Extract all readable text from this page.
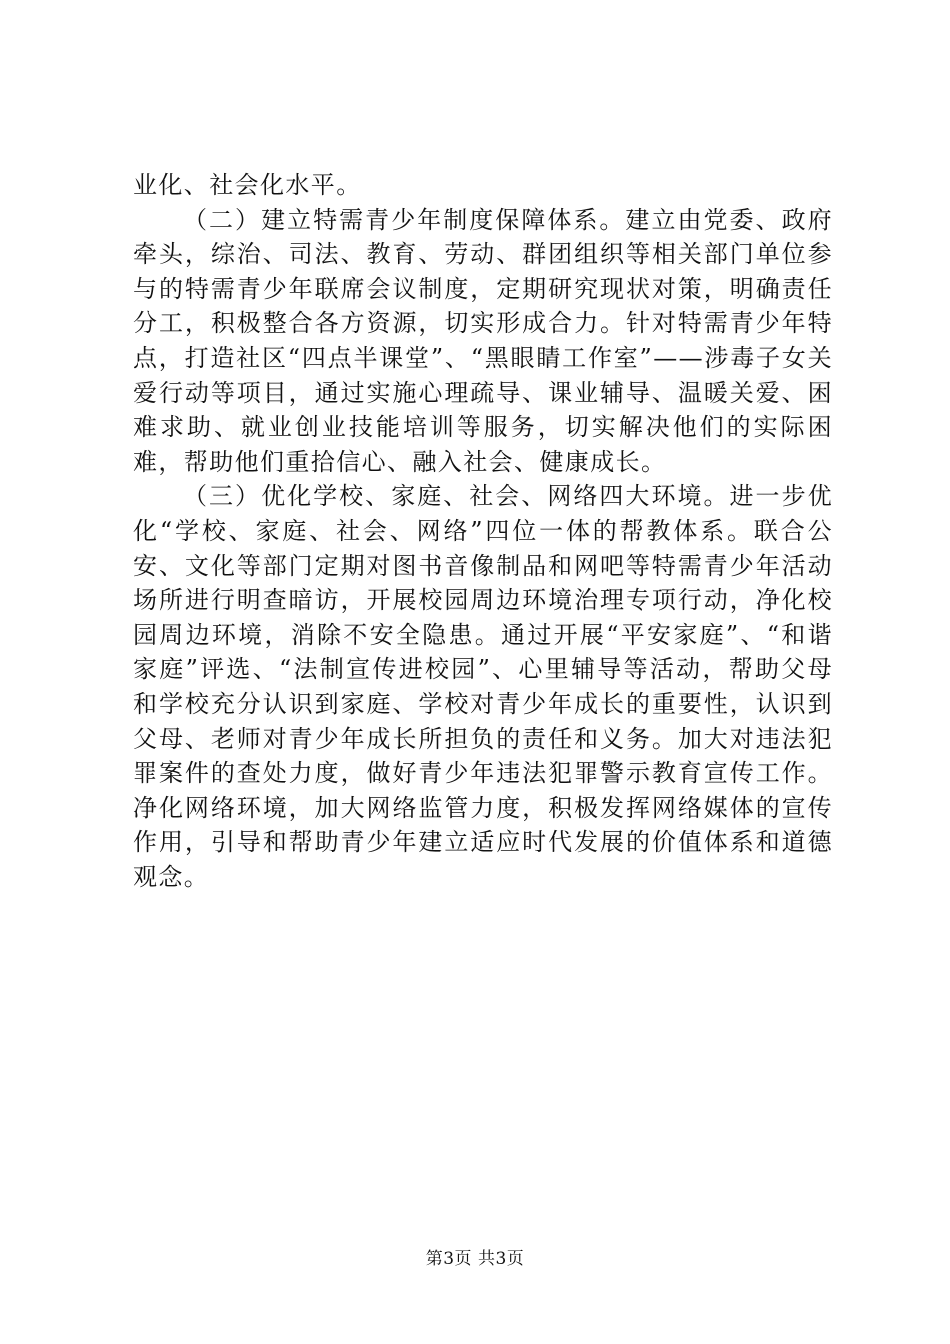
业化、社会化水平。

（二）建立特需青少年制度保障体系。建立由党委、政府牵头，综治、司法、教育、劳动、群团组织等相关部门单位参与的特需青少年联席会议制度，定期研究现状对策，明确责任分工，积极整合各方资源，切实形成合力。针对特需青少年特点，打造社区“四点半课堂”、“黑眼睛工作室”——涉毒子女关爱行动等项目，通过实施心理疏导、课业辅导、温暖关爱、困难求助、就业创业技能培训等服务，切实解决他们的实际困难，帮助他们重拾信心、融入社会、健康成长。

（三）优化学校、家庭、社会、网络四大环境。进一步优化“学校、家庭、社会、网络”四位一体的帮教体系。联合公安、文化等部门定期对图书音像制品和网吧等特需青少年活动场所进行明查暗访，开展校园周边环境治理专项行动，净化校园周边环境，消除不安全隐患。通过开展“平安家庭”、“和谐家庭”评选、“法制宣传进校园”、心里辅导等活动，帮助父母和学校充分认识到家庭、学校对青少年成长的重要性，认识到父母、老师对青少年成长所担负的责任和义务。加大对违法犯罪案件的查处力度，做好青少年违法犯罪警示教育宣传工作。净化网络环境，加大网络监管力度，积极发挥网络媒体的宣传作用，引导和帮助青少年建立适应时代发展的价值体系和道德观念。

第3页 共3页
